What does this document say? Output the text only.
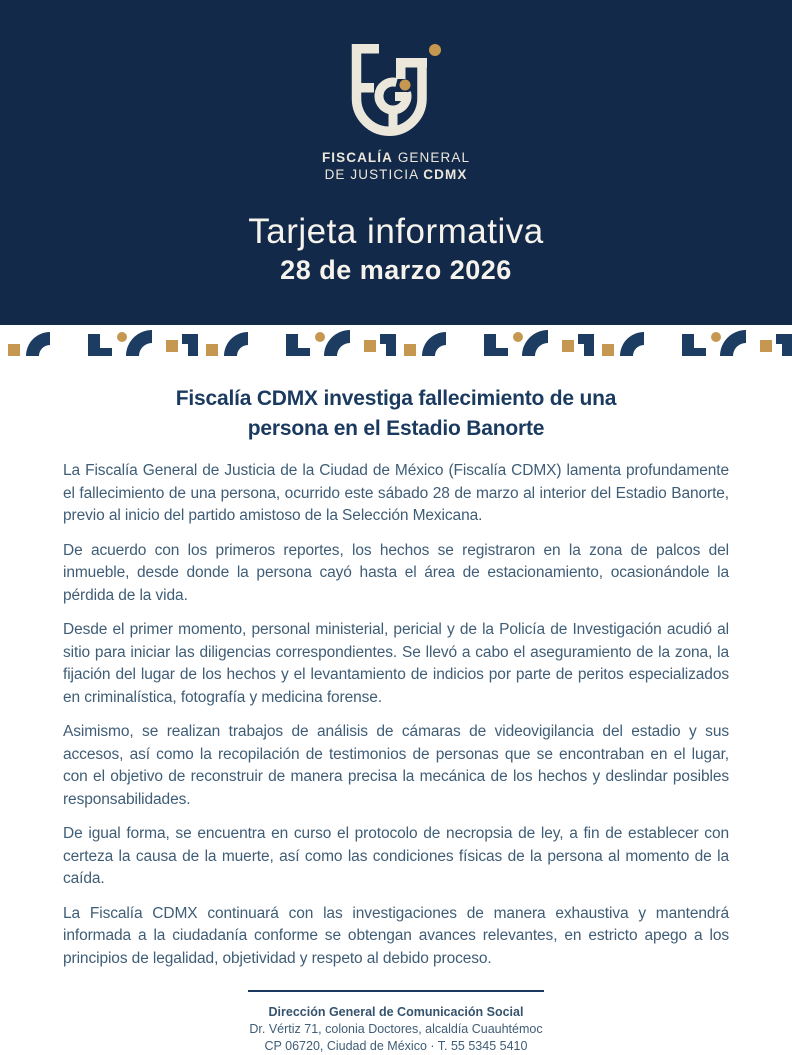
FISCALÍA GENERAL
DE JUSTICIA CDMX
Tarjeta informativa
28 de marzo 2026
Fiscalía CDMX investiga fallecimiento de una
persona en el Estadio Banorte

La Fiscalía General de Justicia de la Ciudad de México (Fiscalía CDMX) lamenta profundamente el fallecimiento de una persona, ocurrido este sábado 28 de marzo al interior del Estadio Banorte, previo al inicio del partido amistoso de la Selección Mexicana.

De acuerdo con los primeros reportes, los hechos se registraron en la zona de palcos del inmueble, desde donde la persona cayó hasta el área de estacionamiento, ocasionándole la pérdida de la vida.

Desde el primer momento, personal ministerial, pericial y de la Policía de Investigación acudió al sitio para iniciar las diligencias correspondientes. Se llevó a cabo el aseguramiento de la zona, la fijación del lugar de los hechos y el levantamiento de indicios por parte de peritos especializados en criminalística, fotografía y medicina forense.

Asimismo, se realizan trabajos de análisis de cámaras de videovigilancia del estadio y sus accesos, así como la recopilación de testimonios de personas que se encontraban en el lugar, con el objetivo de reconstruir de manera precisa la mecánica de los hechos y deslindar posibles responsabilidades.

De igual forma, se encuentra en curso el protocolo de necropsia de ley, a fin de establecer con certeza la causa de la muerte, así como las condiciones físicas de la persona al momento de la caída.

La Fiscalía CDMX continuará con las investigaciones de manera exhaustiva y mantendrá informada a la ciudadanía conforme se obtengan avances relevantes, en estricto apego a los principios de legalidad, objetividad y respeto al debido proceso.

Dirección General de Comunicación Social
Dr. Vértiz 71, colonia Doctores, alcaldía Cuauhtémoc
CP 06720, Ciudad de México · T. 55 5345 5410
